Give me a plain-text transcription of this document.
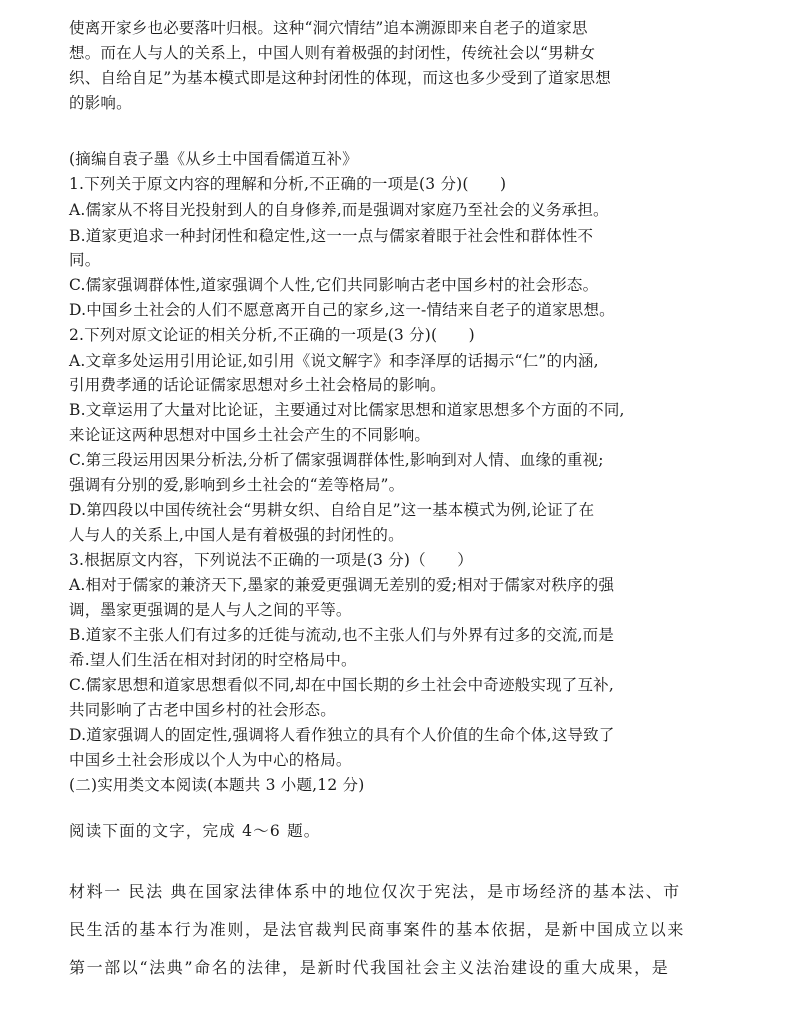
使离开家乡也必要落叶归根。这种“洞穴情结”追本溯源即来自老子的道家思
想。而在人与人的关系上，中国人则有着极强的封闭性，传统社会以“男耕女
织、自给自足”为基本模式即是这种封闭性的体现，而这也多少受到了道家思想
的影响。
(摘编自袁子墨《从乡土中国看儒道互补》
1.下列关于原文内容的理解和分析,不正确的一项是(3 分)(　　)
A.儒家从不将目光投射到人的自身修养,而是强调对家庭乃至社会的义务承担。
B.道家更追求一种封闭性和稳定性,这一一点与儒家着眼于社会性和群体性不
同。
C.儒家强调群体性,道家强调个人性,它们共同影响古老中国乡村的社会形态。
D.中国乡土社会的人们不愿意离开自己的家乡,这一-情结来自老子的道家思想。
2.下列对原文论证的相关分析,不正确的一项是(3 分)(　　)
A.文章多处运用引用论证,如引用《说文解字》和李泽厚的话揭示“仁”的内涵,
引用费孝通的话论证儒家思想对乡土社会格局的影响。
B.文章运用了大量对比论证，主要通过对比儒家思想和道家思想多个方面的不同,
来论证这两种思想对中国乡土社会产生的不同影响。
C.第三段运用因果分析法,分析了儒家强调群体性,影响到对人情、血缘的重视;
强调有分别的爱,影响到乡土社会的“差等格局”。
D.第四段以中国传统社会“男耕女织、自给自足”这一基本模式为例,论证了在
人与人的关系上,中国人是有着极强的封闭性的。
3.根据原文内容，下列说法不正确的一项是(3 分)（　　）
A.相对于儒家的兼济天下,墨家的兼爱更强调无差别的爱;相对于儒家对秩序的强
调，墨家更强调的是人与人之间的平等。
B.道家不主张人们有过多的迁徙与流动,也不主张人们与外界有过多的交流,而是
希.望人们生活在相对封闭的时空格局中。
C.儒家思想和道家思想看似不同,却在中国长期的乡土社会中奇迹般实现了互补,
共同影响了古老中国乡村的社会形态。
D.道家强调人的固定性,强调将人看作独立的具有个人价值的生命个体,这导致了
中国乡土社会形成以个人为中心的格局。
(二)实用类文本阅读(本题共 3 小题,12 分)
阅读下面的文字，完成 4～6 题。
材料一 民法 典在国家法律体系中的地位仅次于宪法，是市场经济的基本法、市
民生活的基本行为准则，是法官裁判民商事案件的基本依据，是新中国成立以来
第一部以“法典”命名的法律，是新时代我国社会主义法治建设的重大成果，是
